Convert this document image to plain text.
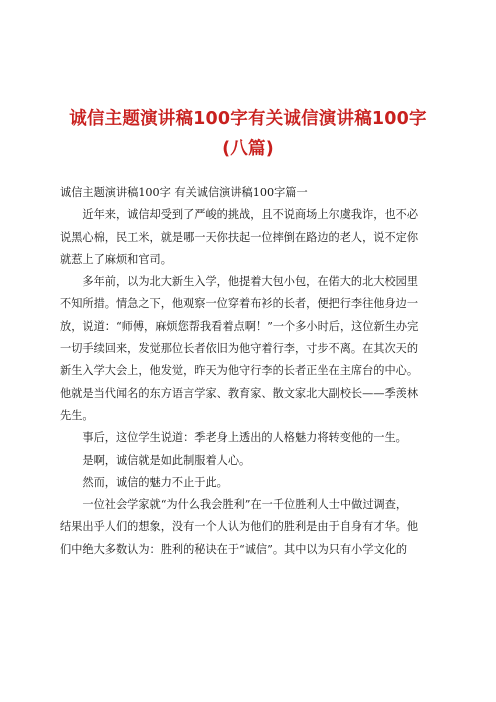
诚信主题演讲稿100字有关诚信演讲稿100字
(八篇)

诚信主题演讲稿100字 有关诚信演讲稿100字篇一

近年来，诚信却受到了严峻的挑战，且不说商场上尔虞我诈，也不必
说黑心棉，民工米，就是哪一天你扶起一位摔倒在路边的老人，说不定你
就惹上了麻烦和官司。

多年前，以为北大新生入学，他提着大包小包，在偌大的北大校园里
不知所措。情急之下，他观察一位穿着布衫的长者，便把行李往他身边一
放，说道：“师傅，麻烦您帮我看着点啊！”一个多小时后，这位新生办完
一切手续回来，发觉那位长者依旧为他守着行李，寸步不离。在其次天的
新生入学大会上，他发觉，昨天为他守行李的长者正坐在主席台的中心。
他就是当代闻名的东方语言学家、教育家、散文家北大副校长——季羡林
先生。

事后，这位学生说道：季老身上透出的人格魅力将转变他的一生。

是啊，诚信就是如此制服着人心。

然而，诚信的魅力不止于此。

一位社会学家就“为什么我会胜利”在一千位胜利人士中做过调查，
结果出乎人们的想象，没有一个人认为他们的胜利是由于自身有才华。他
们中绝大多数认为：胜利的秘诀在于“诚信”。其中以为只有小学文化的
